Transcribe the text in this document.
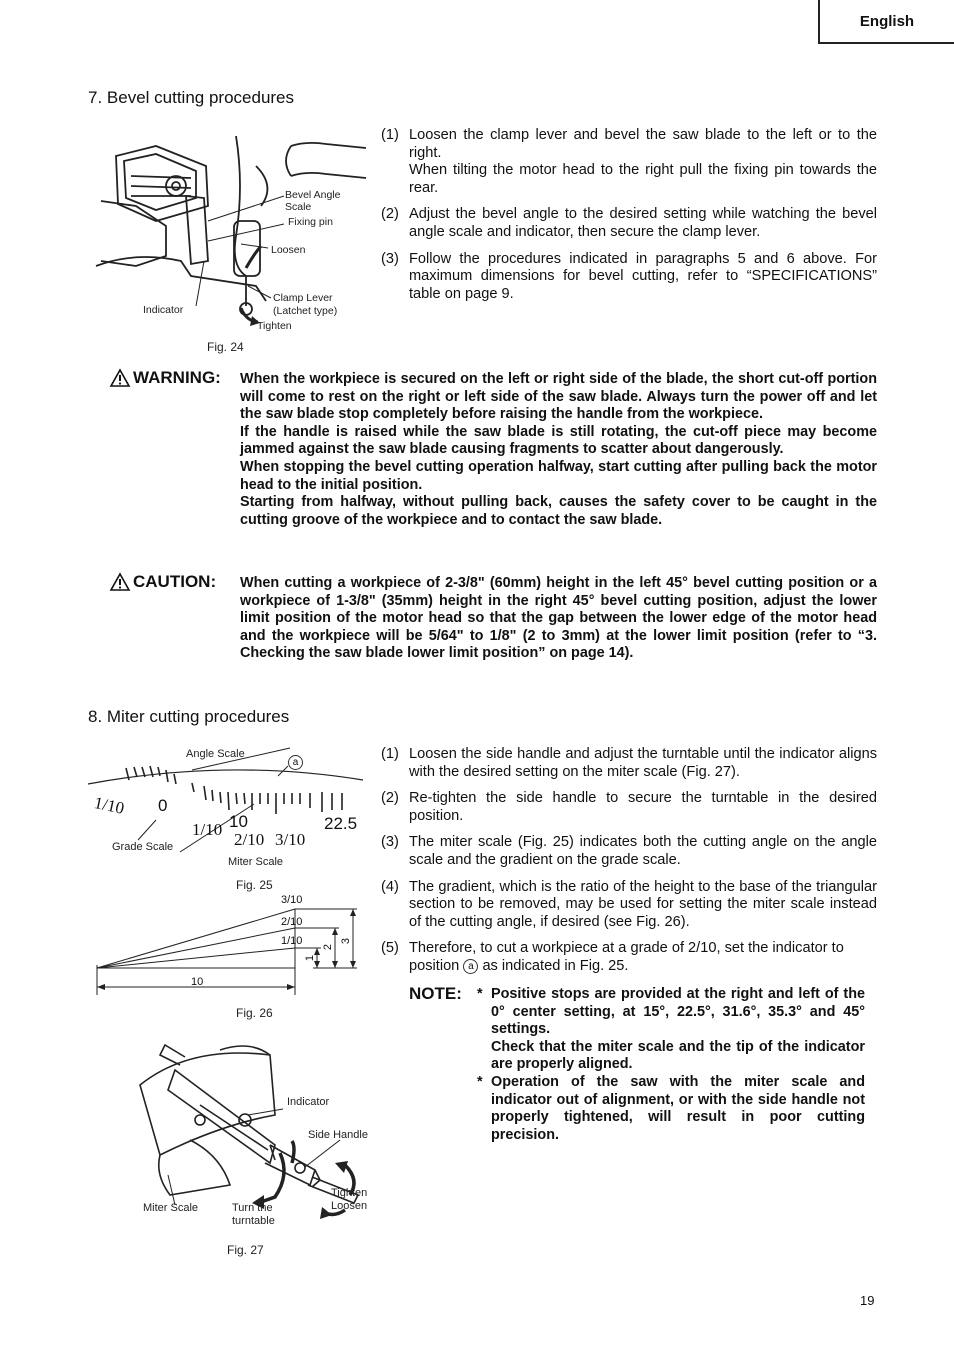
English
7. Bevel cutting procedures
Bevel Angle
Scale
Fixing pin
Loosen
Clamp Lever
(Latchet type)
Indicator
Tighten
Fig. 24
(1) Loosen the clamp lever and bevel the saw blade to the left or to the right.

When tilting the motor head to the right pull the fixing pin towards the rear.

(2) Adjust the bevel angle to the desired setting while watching the bevel angle scale and indicator, then secure the clamp lever.

(3) Follow the procedures indicated in paragraphs 5 and 6 above. For maximum dimensions for bevel cutting, refer to “SPECIFICATIONS” table on page 9.

WARNING: When the workpiece is secured on the left or right side of the blade, the short cut-off portion will come to rest on the right or left side of the saw blade. Always turn the power off and let the saw blade stop completely before raising the handle from the workpiece.

If the handle is raised while the saw blade is still rotating, the cut-off piece may become jammed against the saw blade causing fragments to scatter about dangerously.

When stopping the bevel cutting operation halfway, start cutting after pulling back the motor head to the initial position.

Starting from halfway, without pulling back, causes the safety cover to be caught in the cutting groove of the workpiece and to contact the saw blade.

CAUTION: When cutting a workpiece of 2-3/8" (60mm) height in the left 45° bevel cutting position or a workpiece of 1-3/8" (35mm) height in the right 45° bevel cutting position, adjust the lower limit position of the motor head so that the gap between the lower edge of the motor head and the workpiece will be 5/64" to 1/8" (2 to 3mm) at the lower limit position (refer to “3. Checking the saw blade lower limit position” on page 14).

8. Miter cutting procedures
1/10 0
1/10 10
2/10 3/10
22.5
Angle Scale
a
Grade Scale
Miter Scale
Fig. 25
3/10
2/10
1/10
1
2
3
10
Fig. 26
Indicator
Side Handle
Tighten
Loosen
Miter Scale	Turn the
turntable
Fig. 27
(1) Loosen the side handle and adjust the turntable until the indicator aligns with the desired setting on the miter scale (Fig. 27).

(2) Re-tighten the side handle to secure the turntable in the desired position.

(3) The miter scale (Fig. 25) indicates both the cutting angle on the angle scale and the gradient on the grade scale.

(4) The gradient, which is the ratio of the height to the base of the triangular section to be removed, may be used for setting the miter scale instead of the cutting angle, if desired (see Fig. 26).

(5) Therefore, to cut a workpiece at a grade of 2/10, set the indicator to position a as indicated in Fig. 25.
NOTE: * Positive stops are provided at the right and left of the 0° center setting, at 15°, 22.5°, 31.6°, 35.3° and 45° settings.

Check that the miter scale and the tip of the indicator are properly aligned.

* Operation of the saw with the miter scale and indicator out of alignment, or with the side handle not properly tightened, will result in poor cutting precision.

19
